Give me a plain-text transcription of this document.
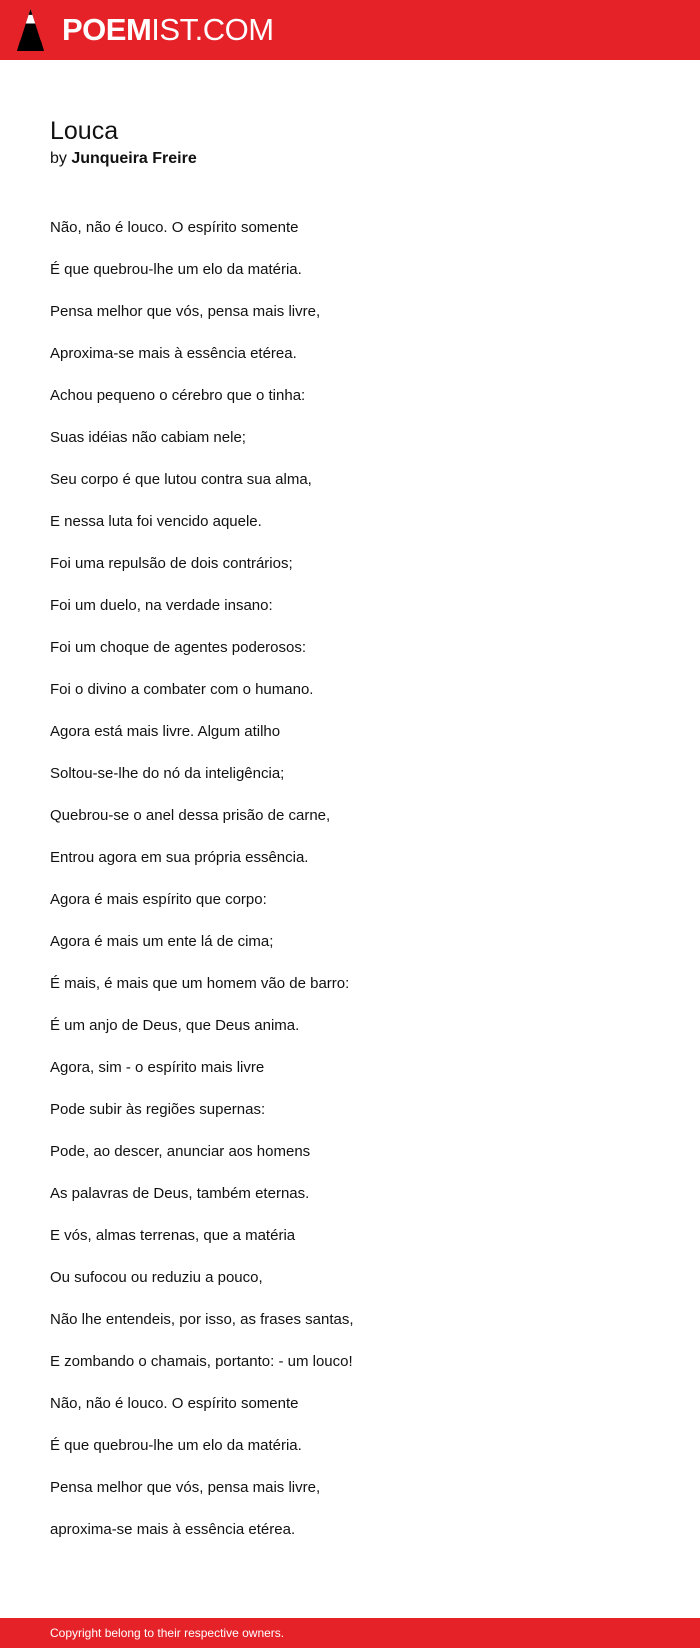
POEMIST.COM
Louca
by Junqueira Freire
Não, não é louco. O espírito somente
É que quebrou-lhe um elo da matéria.
Pensa melhor que vós, pensa mais livre,
Aproxima-se mais à essência etérea.
Achou pequeno o cérebro que o tinha:
Suas idéias não cabiam nele;
Seu corpo é que lutou contra sua alma,
E nessa luta foi vencido aquele.
Foi uma repulsão de dois contrários;
Foi um duelo, na verdade insano:
Foi um choque de agentes poderosos:
Foi o divino a combater com o humano.
Agora está mais livre. Algum atilho
Soltou-se-lhe do nó da inteligência;
Quebrou-se o anel dessa prisão de carne,
Entrou agora em sua própria essência.
Agora é mais espírito que corpo:
Agora é mais um ente lá de cima;
É mais, é mais que um homem vão de barro:
É um anjo de Deus, que Deus anima.
Agora, sim - o espírito mais livre
Pode subir às regiões supernas:
Pode, ao descer, anunciar aos homens
As palavras de Deus, também eternas.
E vós, almas terrenas, que a matéria
Ou sufocou ou reduziu a pouco,
Não lhe entendeis, por isso, as frases santas,
E zombando o chamais, portanto: - um louco!
Não, não é louco. O espírito somente
É que quebrou-lhe um elo da matéria.
Pensa melhor que vós, pensa mais livre,
aproxima-se mais à essência etérea.
Copyright belong to their respective owners.
